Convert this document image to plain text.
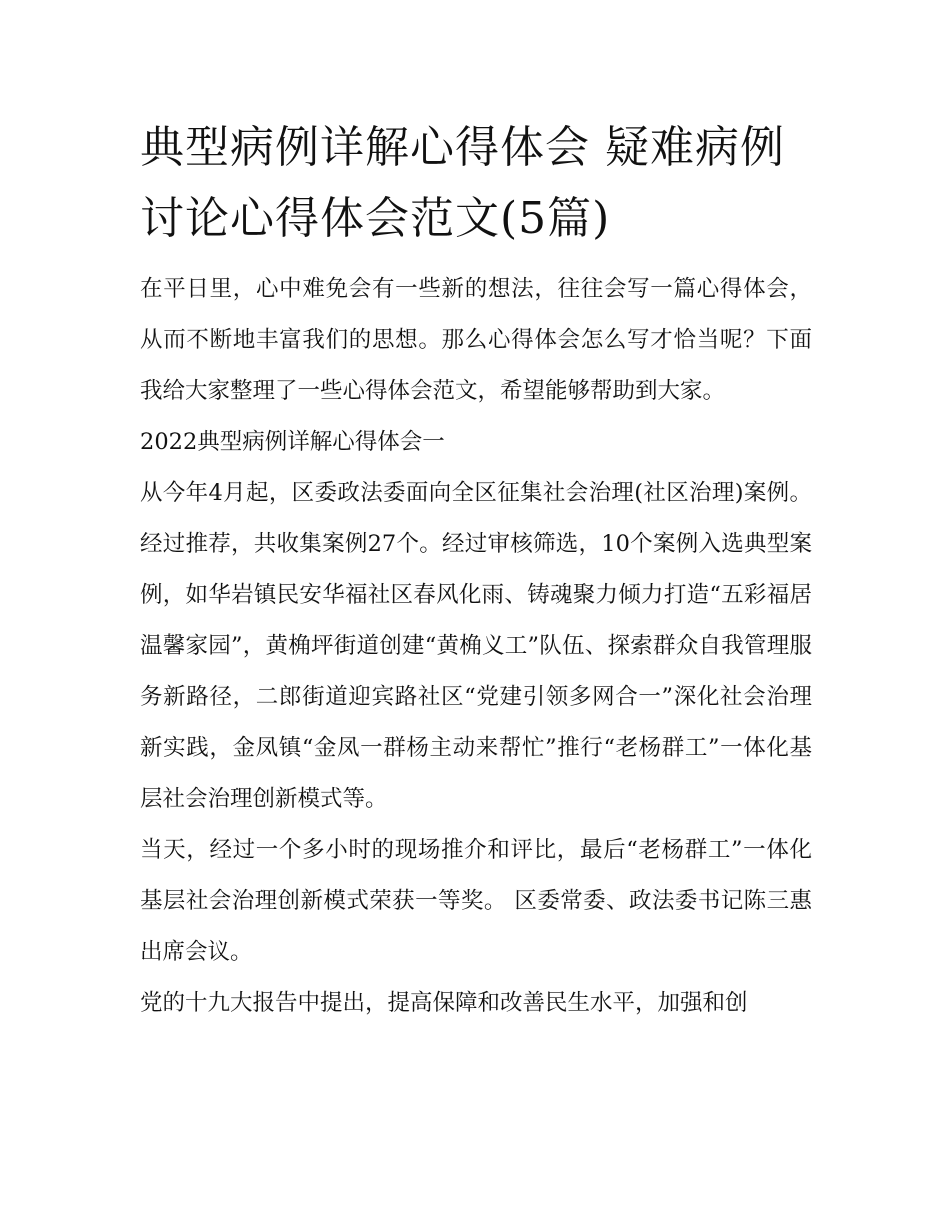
典型病例详解心得体会 疑难病例讨论心得体会范文(5篇)

在平日里，心中难免会有一些新的想法，往往会写一篇心得体会，从而不断地丰富我们的思想。那么心得体会怎么写才恰当呢？下面我给大家整理了一些心得体会范文，希望能够帮助到大家。

2022典型病例详解心得体会一

从今年4月起，区委政法委面向全区征集社会治理(社区治理)案例。经过推荐，共收集案例27个。经过审核筛选，10个案例入选典型案例，如华岩镇民安华福社区春风化雨、铸魂聚力倾力打造“五彩福居温馨家园”，黄桷坪街道创建“黄桷义工”队伍、探索群众自我管理服务新路径，二郎街道迎宾路社区“党建引领多网合一”深化社会治理新实践，金凤镇“金凤一群杨主动来帮忙”推行“老杨群工”一体化基层社会治理创新模式等。

当天，经过一个多小时的现场推介和评比，最后“老杨群工”一体化基层社会治理创新模式荣获一等奖。 区委常委、政法委书记陈三惠出席会议。

党的十九大报告中提出，提高保障和改善民生水平，加强和创
